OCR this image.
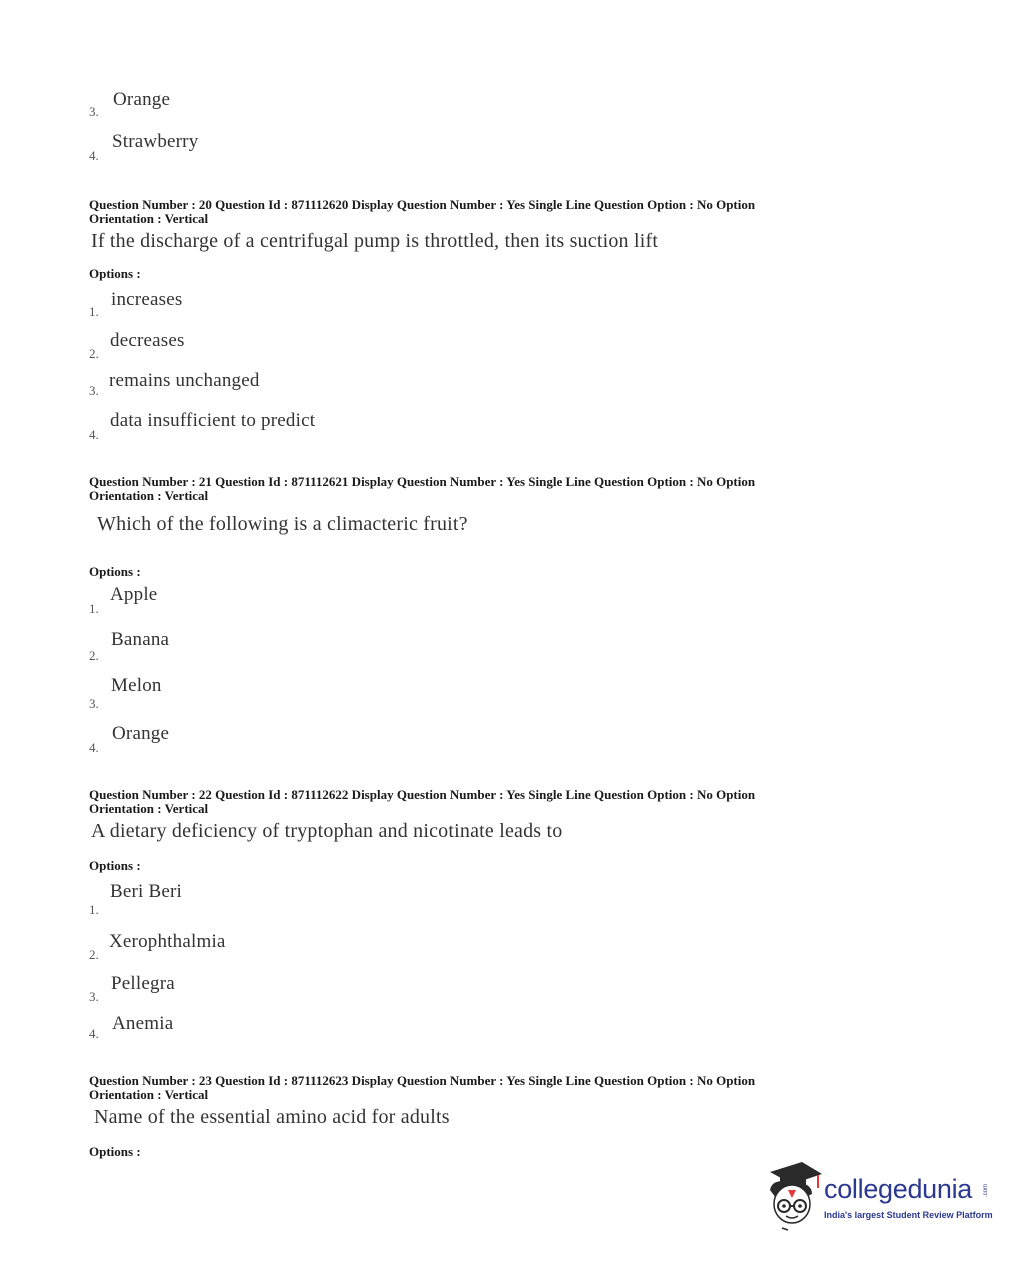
3.
Orange
4.
Strawberry
Question Number : 20 Question Id : 871112620 Display Question Number : Yes Single Line Question Option : No Option
Orientation : Vertical
If the discharge of a centrifugal pump is throttled, then its suction lift
Options :
1.
increases
2.
decreases
3. remains unchanged
4.
data insufficient to predict
Question Number : 21 Question Id : 871112621 Display Question Number : Yes Single Line Question Option : No Option
Orientation : Vertical
Which of the following is a climacteric fruit?
Options :
1.
Apple
2.
Banana
3.
Melon
4.
Orange
Question Number : 22 Question Id : 871112622 Display Question Number : Yes Single Line Question Option : No Option
Orientation : Vertical
A dietary deficiency of tryptophan and nicotinate leads to
Options :
1.
Beri Beri
2.
Xerophthalmia
3.
Pellegra
4. Anemia
Question Number : 23 Question Id : 871112623 Display Question Number : Yes Single Line Question Option : No Option
Orientation : Vertical
Name of the essential amino acid for adults
Options :
collegedunia .com
India's largest Student Review Platform
